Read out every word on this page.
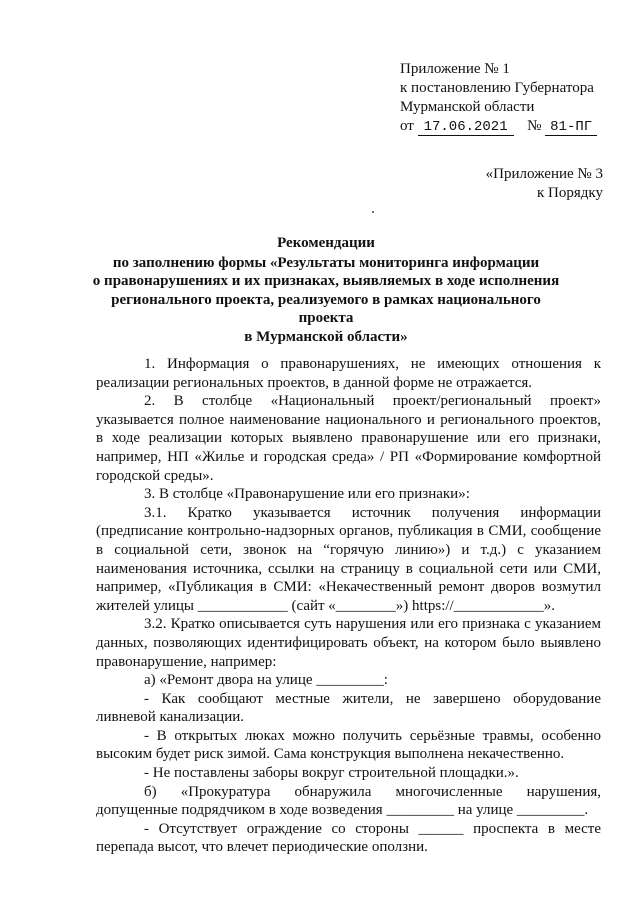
Приложение № 1
к постановлению Губернатора
Мурманской области
от 17.06.2021 № 81-ПГ
«Приложение № 3
к Порядку
Рекомендации
по заполнению формы «Результаты мониторинга информации
о правонарушениях и их признаках, выявляемых в ходе исполнения
регионального проекта, реализуемого в рамках национального проекта
в Мурманской области»

1. Информация о правонарушениях, не имеющих отношения к реализации региональных проектов, в данной форме не отражается.

2. В столбце «Национальный проект/региональный проект» указывается полное наименование национального и регионального проектов, в ходе реализации которых выявлено правонарушение или его признаки, например, НП «Жилье и городская среда» / РП «Формирование комфортной городской среды».

3. В столбце «Правонарушение или его признаки»:

3.1. Кратко указывается источник получения информации (предписание контрольно-надзорных органов, публикация в СМИ, сообщение в социальной сети, звонок на “горячую линию») и т.д.) с указанием наименования источника, ссылки на страницу в социальной сети или СМИ, например, «Публикация в СМИ: «Некачественный ремонт дворов возмутил жителей улицы ____________ (сайт «________») https://____________».

3.2. Кратко описывается суть нарушения или его признака с указанием данных, позволяющих идентифицировать объект, на котором было выявлено правонарушение, например:

а) «Ремонт двора на улице _________:

- Как сообщают местные жители, не завершено оборудование ливневой канализации.

- В открытых люках можно получить серьёзные травмы, особенно высоким будет риск зимой. Сама конструкция выполнена некачественно.

- Не поставлены заборы вокруг строительной площадки.».

б) «Прокуратура обнаружила многочисленные нарушения, допущенные подрядчиком в ходе возведения _________ на улице _________.

- Отсутствует ограждение со стороны ______ проспекта в месте перепада высот, что влечет периодические оползни.
